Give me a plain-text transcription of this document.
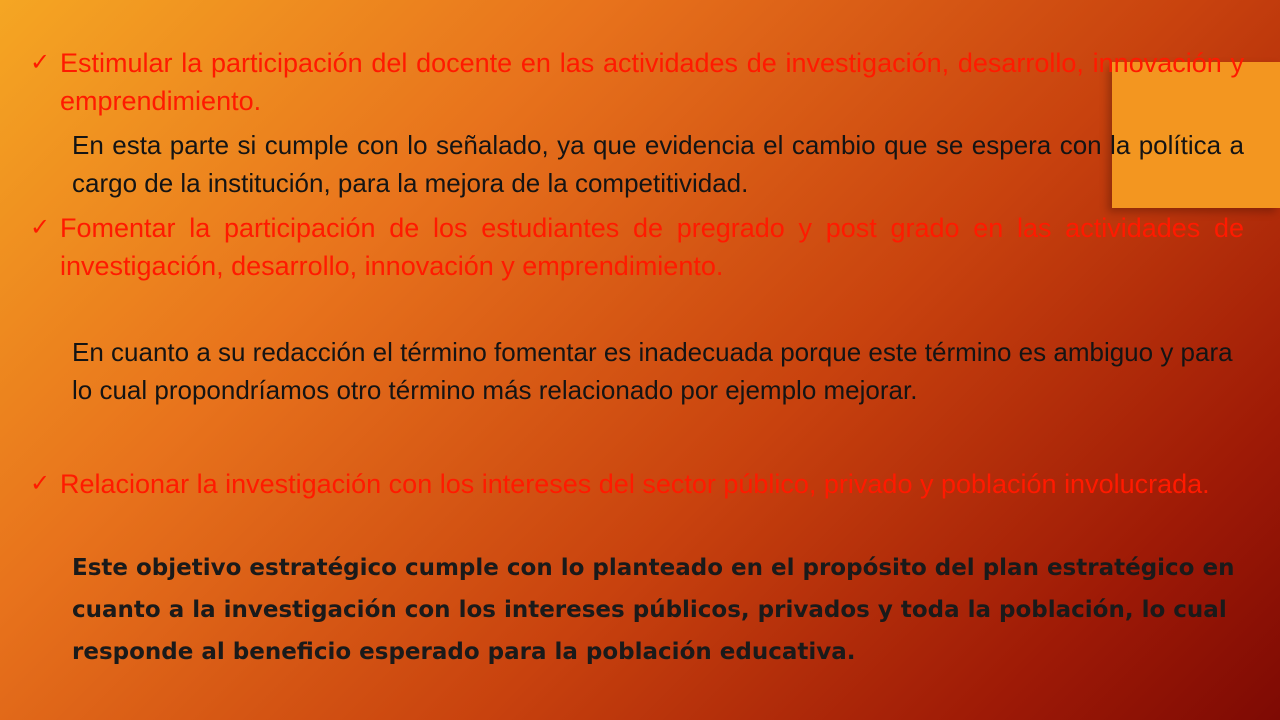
✓ Estimular la participación del docente en las actividades de investigación, desarrollo, innovación y emprendimiento.
En esta parte si cumple con lo señalado, ya que evidencia el cambio que se espera con la política a cargo de la institución, para la mejora de la competitividad.
✓ Fomentar la participación de los estudiantes de pregrado y post grado en las actividades de investigación, desarrollo, innovación y emprendimiento.
En cuanto a su redacción el término fomentar es inadecuada porque este término es ambiguo y para lo cual propondríamos otro término más relacionado por ejemplo mejorar.
✓ Relacionar la investigación con los intereses del sector público, privado y población involucrada.
Este objetivo estratégico cumple con lo planteado en el propósito del plan estratégico en cuanto a la investigación con los intereses públicos, privados y toda la población, lo cual responde al beneficio esperado para la población educativa.
